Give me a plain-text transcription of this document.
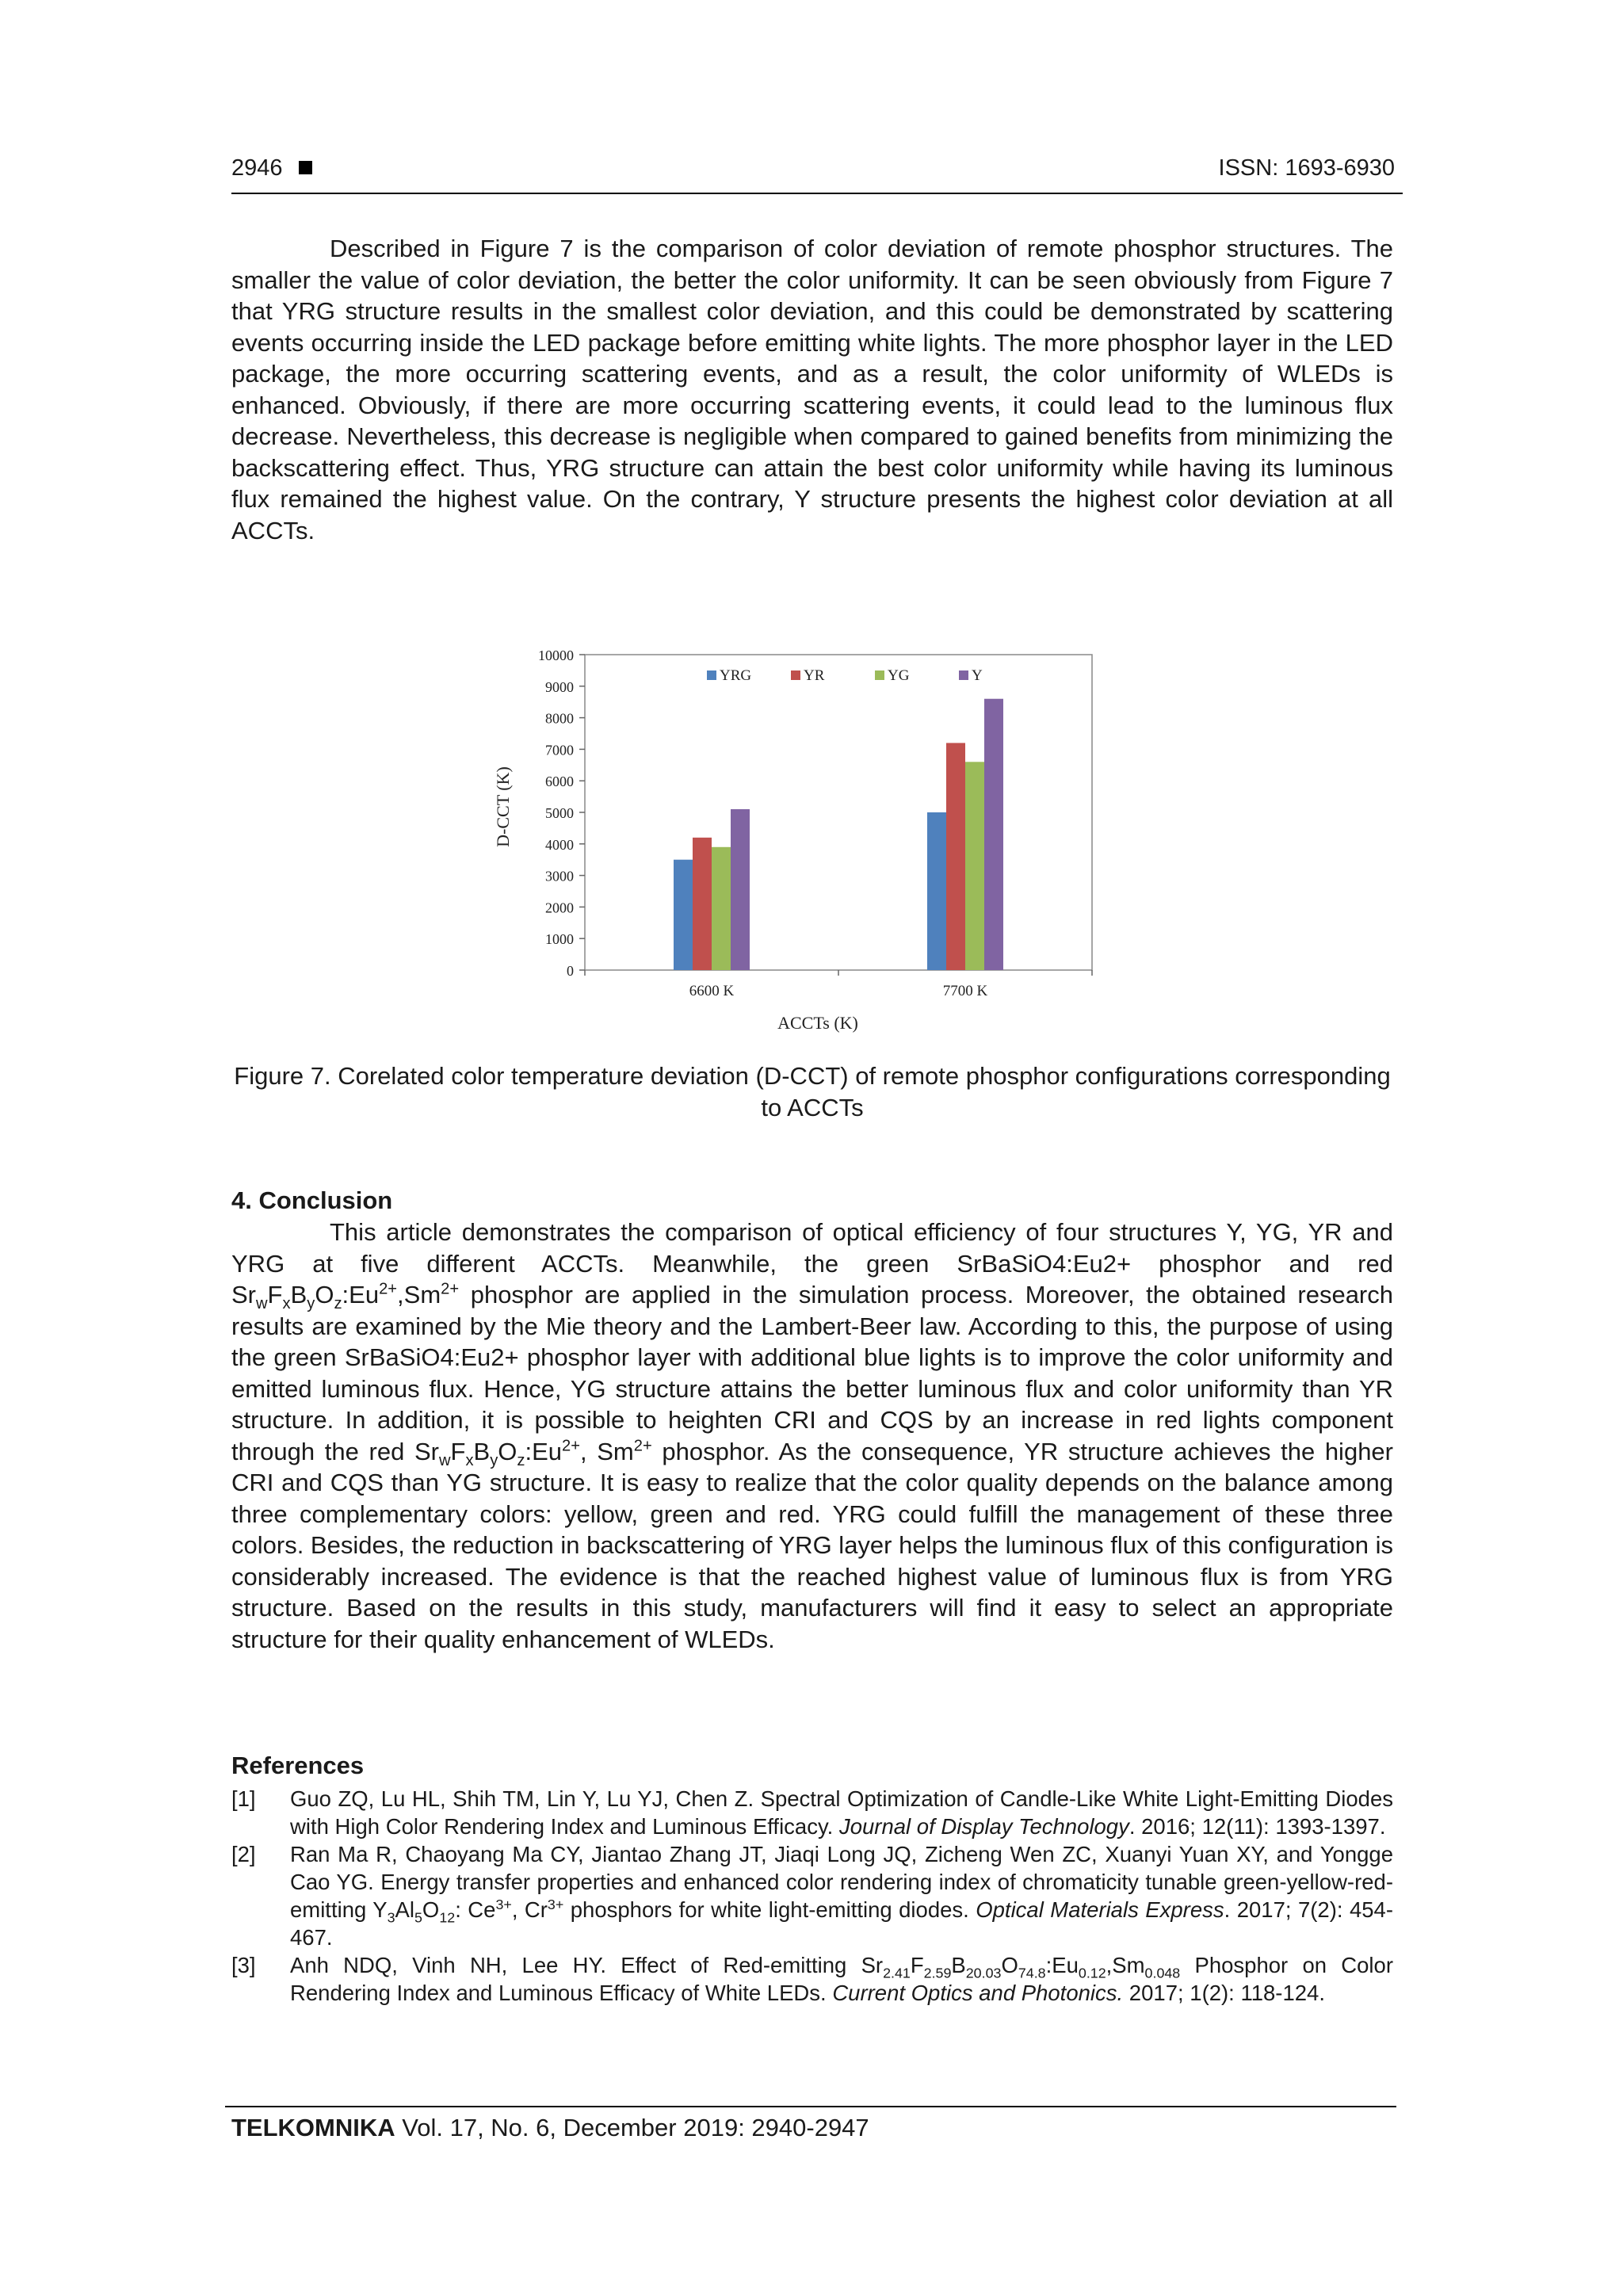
2946	ISSN: 1693-6930
Described in Figure 7 is the comparison of color deviation of remote phosphor structures. The smaller the value of color deviation, the better the color uniformity. It can be seen obviously from Figure 7 that YRG structure results in the smallest color deviation, and this could be demonstrated by scattering events occurring inside the LED package before emitting white lights. The more phosphor layer in the LED package, the more occurring scattering events, and as a result, the color uniformity of WLEDs is enhanced. Obviously, if there are more occurring scattering events, it could lead to the luminous flux decrease. Nevertheless, this decrease is negligible when compared to gained benefits from minimizing the backscattering effect. Thus, YRG structure can attain the best color uniformity while having its luminous flux remained the highest value. On the contrary, Y structure presents the highest color deviation at all ACCTs.
0
1000
2000
3000
4000
5000
6000
7000
8000
9000
10000
6600 K	7700 K
YRG	YR	YG	Y
D-CCT (K)
ACCTs (K)
Figure 7. Corelated color temperature deviation (D-CCT) of remote phosphor configurations corresponding to ACCTs
4. Conclusion
This article demonstrates the comparison of optical efficiency of four structures Y, YG, YR and YRG at five different ACCTs. Meanwhile, the green SrBaSiO4:Eu2+ phosphor and red $Sr_wF_xB_yO_z:Eu^{2+},Sm^{2+}$ phosphor are applied in the simulation process. Moreover, the obtained research results are examined by the Mie theory and the Lambert-Beer law. According to this, the purpose of using the green SrBaSiO4:Eu2+ phosphor layer with additional blue lights is to improve the color uniformity and emitted luminous flux. Hence, YG structure attains the better luminous flux and color uniformity than YR structure. In addition, it is possible to heighten CRI and CQS by an increase in red lights component through the red $Sr_wF_xB_yO_z:Eu^{2+}$, $Sm^{2+}$ phosphor. As the consequence, YR structure achieves the higher CRI and CQS than YG structure. It is easy to realize that the color quality depends on the balance among three complementary colors: yellow, green and red. YRG could fulfill the management of these three colors. Besides, the reduction in backscattering of YRG layer helps the luminous flux of this configuration is considerably increased. The evidence is that the reached highest value of luminous flux is from YRG structure. Based on the results in this study, manufacturers will find it easy to select an appropriate structure for their quality enhancement of WLEDs.
References
[1] Guo ZQ, Lu HL, Shih TM, Lin Y, Lu YJ, Chen Z. Spectral Optimization of Candle-Like White Light-Emitting Diodes with High Color Rendering Index and Luminous Efficacy. Journal of Display Technology. 2016; 12(11): 1393-1397.
[2] Ran Ma R, Chaoyang Ma CY, Jiantao Zhang JT, Jiaqi Long JQ, Zicheng Wen ZC, Xuanyi Yuan XY, and Yongge Cao YG. Energy transfer properties and enhanced color rendering index of chromaticity tunable green-yellow-red-emitting $Y_3Al_5O_{12}$: $Ce^{3+}$, $Cr^{3+}$ phosphors for white light-emitting diodes. Optical Materials Express. 2017; 7(2): 454-467.
[3] Anh NDQ, Vinh NH, Lee HY. Effect of Red-emitting $Sr_{2.41}F_{2.59}B_{20.03}O_{74.8}:Eu_{0.12},Sm_{0.048}$ Phosphor on Color Rendering Index and Luminous Efficacy of White LEDs. Current Optics and Photonics. 2017; 1(2): 118-124.
TELKOMNIKA Vol. 17, No. 6, December 2019: 2940-2947
